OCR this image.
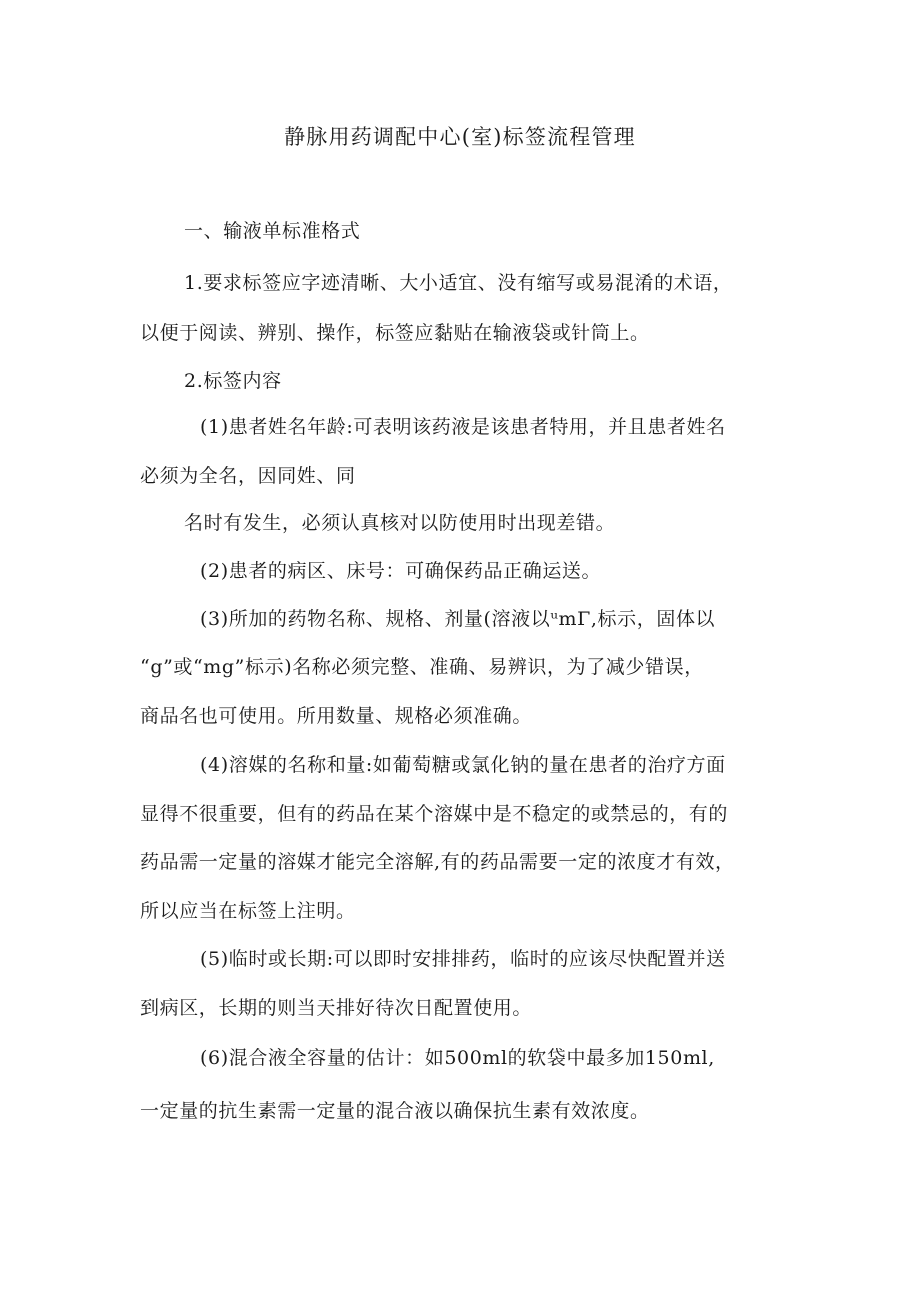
静脉用药调配中心(室)标签流程管理
一、输液单标准格式
1.要求标签应字迹清晰、大小适宜、没有缩写或易混淆的术语，
以便于阅读、辨别、操作，标签应黏贴在输液袋或针筒上。
2.标签内容
(1)患者姓名年龄:可表明该药液是该患者特用，并且患者姓名
必须为全名，因同姓、同
名时有发生，必须认真核对以防使用时出现差错。
(2)患者的病区、床号：可确保药品正确运送。
(3)所加的药物名称、规格、剂量(溶液以ᵘmΓ,标示，固体以
“g”或“mg”标示)名称必须完整、准确、易辨识，为了减少错误，
商品名也可使用。所用数量、规格必须准确。
(4)溶媒的名称和量:如葡萄糖或氯化钠的量在患者的治疗方面
显得不很重要，但有的药品在某个溶媒中是不稳定的或禁忌的，有的
药品需一定量的溶媒才能完全溶解,有的药品需要一定的浓度才有效，
所以应当在标签上注明。
(5)临时或长期:可以即时安排排药，临时的应该尽快配置并送
到病区，长期的则当天排好待次日配置使用。
(6)混合液全容量的估计：如500ml的软袋中最多加150ml,
一定量的抗生素需一定量的混合液以确保抗生素有效浓度。
